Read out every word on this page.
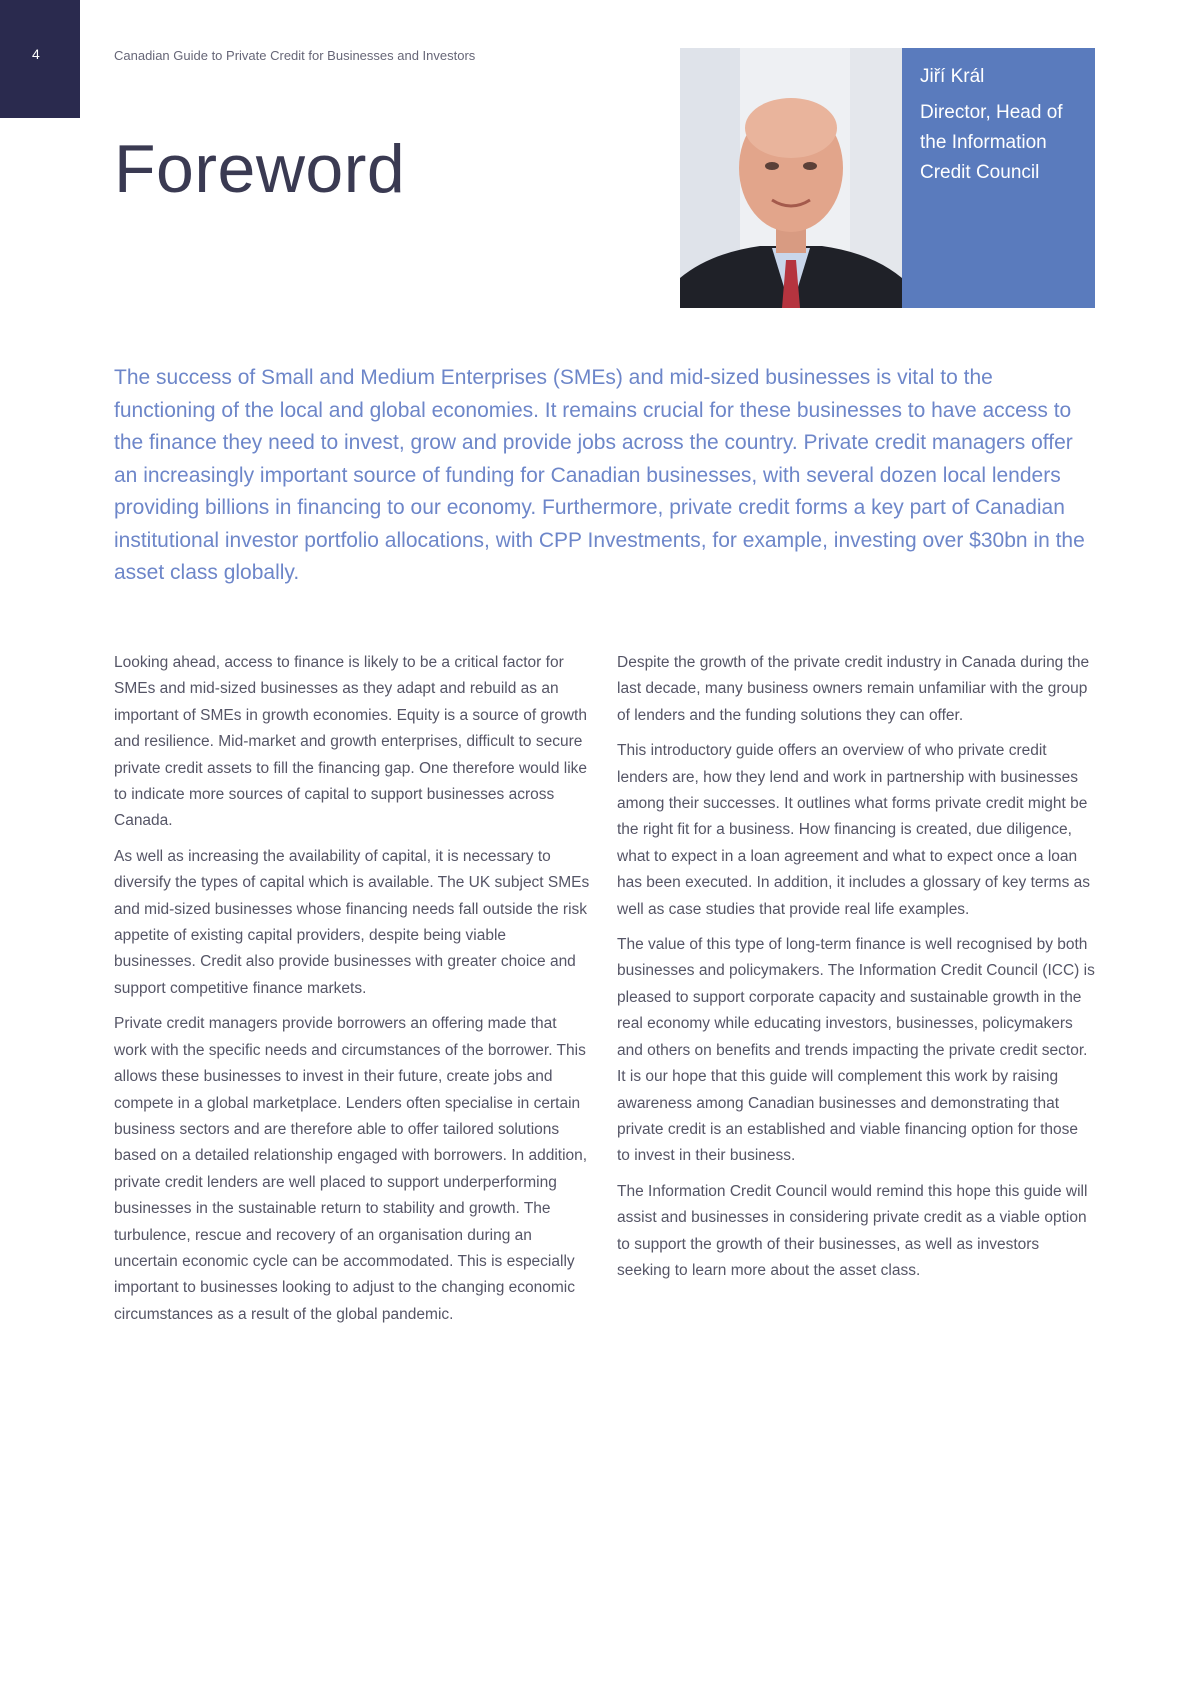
4	Canadian Guide to Private Credit for Businesses and Investors
Foreword
Jiří Král
Director, Head of the Information Credit Council

The success of Small and Medium Enterprises (SMEs) and mid-sized businesses is vital to the functioning of the local and global economies. It remains crucial for these businesses to have access to the finance they need to invest, grow and provide jobs across the country. Private credit managers offer an increasingly important source of funding for Canadian businesses, with several dozen local lenders providing billions in financing to our economy. Furthermore, private credit forms a key part of Canadian institutional investor portfolio allocations, with CPP Investments, for example, investing over $30bn in the asset class globally.

Looking ahead, access to finance is likely to be a critical factor for SMEs and mid-sized businesses as they adapt and rebuild as an important of SMEs in growth economies. Equity is a source of growth and resilience. Mid-market and growth enterprises, difficult to secure private credit assets to fill the financing gap. One therefore would like to indicate more sources of capital to support businesses across Canada.

As well as increasing the availability of capital, it is necessary to diversify the types of capital which is available. The UK subject SMEs and mid-sized businesses whose financing needs fall outside the risk appetite of existing capital providers, despite being viable businesses. Credit also provide businesses with greater choice and support competitive finance markets.

Private credit managers provide borrowers an offering made that work with the specific needs and circumstances of the borrower. This allows these businesses to invest in their future, create jobs and compete in a global marketplace. Lenders often specialise in certain business sectors and are therefore able to offer tailored solutions based on a detailed relationship engaged with borrowers. In addition, private credit lenders are well placed to support underperforming businesses in the sustainable return to stability and growth. The turbulence, rescue and recovery of an organisation during an uncertain economic cycle can be accommodated. This is especially important to businesses looking to adjust to the changing economic circumstances as a result of the global pandemic.

Despite the growth of the private credit industry in Canada during the last decade, many business owners remain unfamiliar with the group of lenders and the funding solutions they can offer.

This introductory guide offers an overview of who private credit lenders are, how they lend and work in partnership with businesses among their successes. It outlines what forms private credit might be the right fit for a business. How financing is created, due diligence, what to expect in a loan agreement and what to expect once a loan has been executed. In addition, it includes a glossary of key terms as well as case studies that provide real life examples.

The value of this type of long-term finance is well recognised by both businesses and policymakers. The Information Credit Council (ICC) is pleased to support corporate capacity and sustainable growth in the real economy while educating investors, businesses, policymakers and others on benefits and trends impacting the private credit sector. It is our hope that this guide will complement this work by raising awareness among Canadian businesses and demonstrating that private credit is an established and viable financing option for those to invest in their business.

The Information Credit Council would remind this hope this guide will assist and businesses in considering private credit as a viable option to support the growth of their businesses, as well as investors seeking to learn more about the asset class.
